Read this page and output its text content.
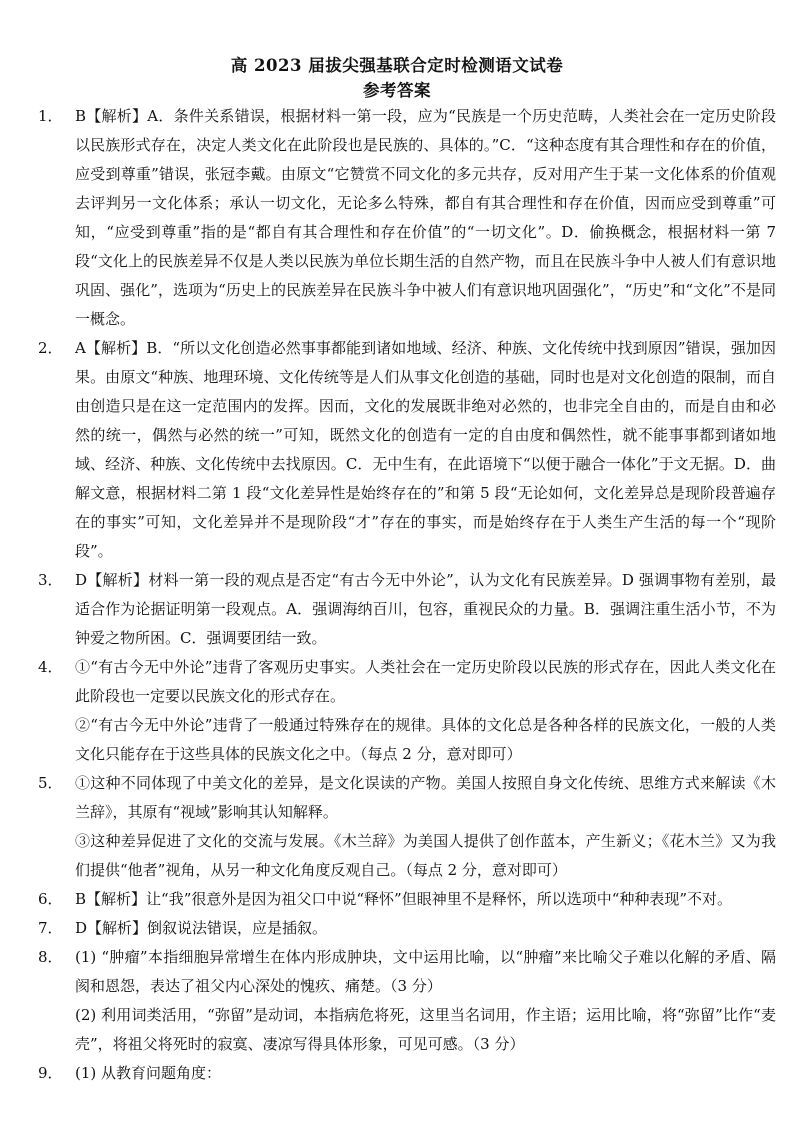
高 2023 届拔尖强基联合定时检测语文试卷
参考答案
1． B【解析】A．条件关系错误，根据材料一第一段，应为“民族是一个历史范畴，人类社会在一定历史阶段以民族形式存在，决定人类文化在此阶段也是民族的、具体的。”C．“这种态度有其合理性和存在的价值，应受到尊重”错误，张冠李戴。由原文“它赞赏不同文化的多元共存，反对用产生于某一文化体系的价值观去评判另一文化体系；承认一切文化，无论多么特殊，都自有其合理性和存在价值，因而应受到尊重”可知，“应受到尊重”指的是“都自有其合理性和存在价值”的“一切文化”。D．偷换概念，根据材料一第 7 段“文化上的民族差异不仅是人类以民族为单位长期生活的自然产物，而且在民族斗争中人被人们有意识地巩固、强化”，选项为“历史上的民族差异在民族斗争中被人们有意识地巩固强化”，“历史”和“文化”不是同一概念。
2． A【解析】B．“所以文化创造必然事事都能到诸如地域、经济、种族、文化传统中找到原因”错误，强加因果。由原文“种族、地理环境、文化传统等是人们从事文化创造的基础，同时也是对文化创造的限制，而自由创造只是在这一定范围内的发挥。因而，文化的发展既非绝对必然的，也非完全自由的，而是自由和必然的统一，偶然与必然的统一”可知，既然文化的创造有一定的自由度和偶然性，就不能事事都到诸如地域、经济、种族、文化传统中去找原因。C．无中生有，在此语境下“以便于融合一体化”于文无据。D．曲解文意，根据材料二第 1 段“文化差异性是始终存在的”和第 5 段“无论如何，文化差异总是现阶段普遍存在的事实”可知，文化差异并不是现阶段“才”存在的事实，而是始终存在于人类生产生活的每一个“现阶段”。
3． D【解析】材料一第一段的观点是否定“有古今无中外论”，认为文化有民族差异。D 强调事物有差别，最适合作为论据证明第一段观点。A．强调海纳百川，包容，重视民众的力量。B．强调注重生活小节，不为钟爱之物所困。C．强调要团结一致。
4． ①“有古今无中外论”违背了客观历史事实。人类社会在一定历史阶段以民族的形式存在，因此人类文化在此阶段也一定要以民族文化的形式存在。
②“有古今无中外论”违背了一般通过特殊存在的规律。具体的文化总是各种各样的民族文化，一般的人类文化只能存在于这些具体的民族文化之中。（每点 2 分，意对即可）
5． ①这种不同体现了中美文化的差异，是文化误读的产物。美国人按照自身文化传统、思维方式来解读《木兰辞》，其原有“视域”影响其认知解释。
③这种差异促进了文化的交流与发展。《木兰辞》为美国人提供了创作蓝本，产生新义；《花木兰》又为我们提供“他者”视角，从另一种文化角度反观自己。（每点 2 分，意对即可）
6． B【解析】让“我”很意外是因为祖父口中说“释怀”但眼神里不是释怀，所以选项中“种种表现”不对。
7． D【解析】倒叙说法错误，应是插叙。
8． (1) “肿瘤”本指细胞异常增生在体内形成肿块，文中运用比喻，以“肿瘤”来比喻父子难以化解的矛盾、隔阂和恩怨，表达了祖父内心深处的愧疚、痛楚。（3 分）
(2) 利用词类活用，“弥留”是动词，本指病危将死，这里当名词用，作主语；运用比喻，将“弥留”比作“麦壳”，将祖父将死时的寂寞、凄凉写得具体形象，可见可感。（3 分）
9． (1) 从教育问题角度：
